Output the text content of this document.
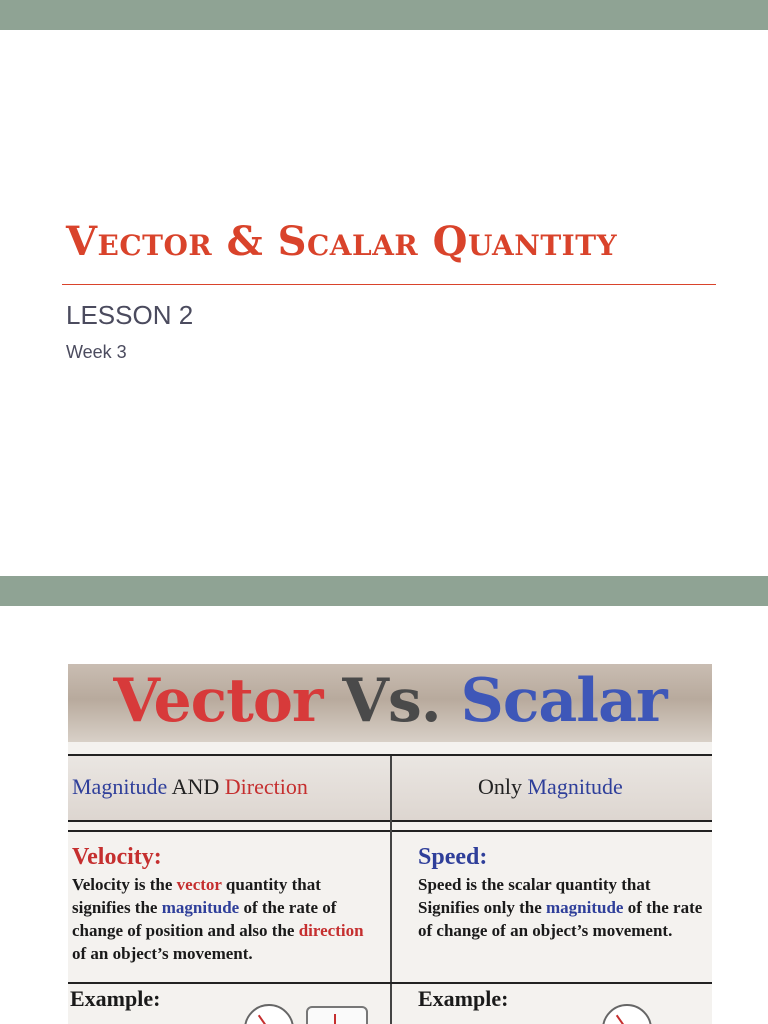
Vector & Scalar Quantity
LESSON 2
Week 3
Vector Vs. Scalar
Magnitude AND Direction	Only Magnitude
Velocity:
Velocity is the vector quantity that signifies the magnitude of the rate of change of position and also the direction of an object’s movement.
Speed:
Speed is the scalar quantity that Signifies only the magnitude of the rate of change of an object’s movement.
Example:	Example:
